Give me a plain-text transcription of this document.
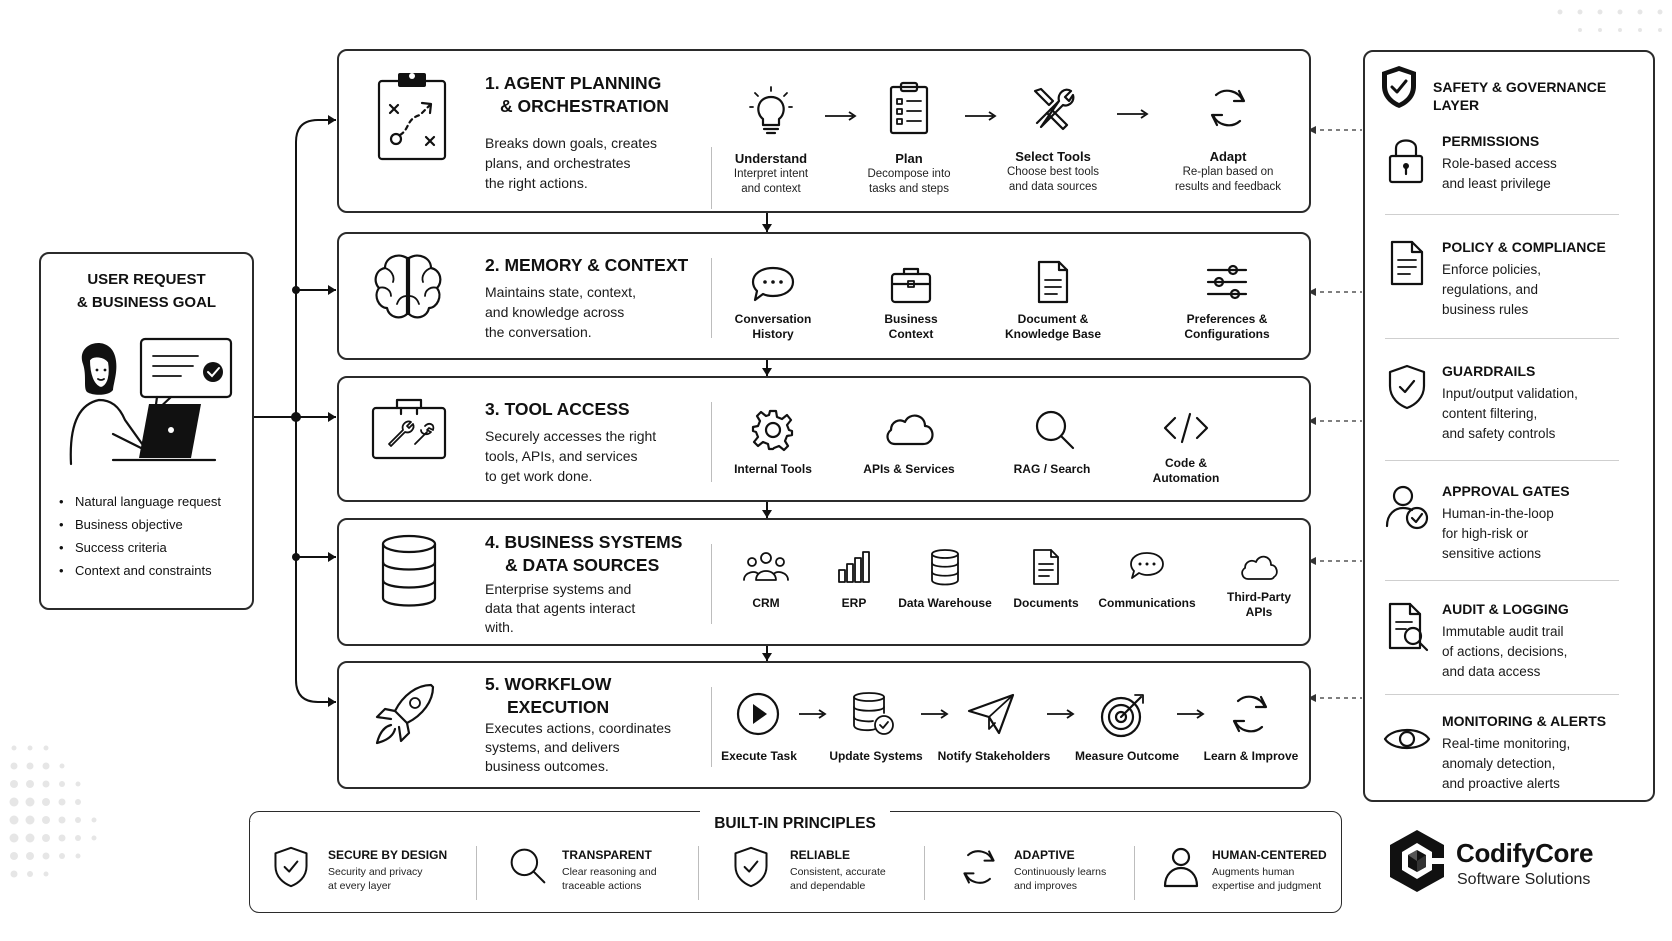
USER REQUEST
& BUSINESS GOAL
• Natural language request
• Business objective
• Success criteria
• Context and constraints
1. AGENT PLANNING
& ORCHESTRATION
Breaks down goals, creates
plans, and orchestrates
the right actions.
Understand
Interpret intent
and context
Plan
Decompose into
tasks and steps
Select Tools
Choose best tools
and data sources
Adapt
Re-plan based on
results and feedback
2. MEMORY & CONTEXT
Maintains state, context,
and knowledge across
the conversation.
Conversation
History
Business
Context
Document &
Knowledge Base
Preferences &
Configurations
3. TOOL ACCESS
Securely accesses the right
tools, APIs, and services
to get work done.	Internal Tools	APIs & Services	RAG / Search	Code &
Automation
4. BUSINESS SYSTEMS
& DATA SOURCES
Enterprise systems and
data that agents interact
with.
CRM	ERP	Data Warehouse	Documents	Communications	Third-Party
APIs
5. WORKFLOW
EXECUTION
Executes actions, coordinates
systems, and delivers
business outcomes.
Execute Task	Update Systems	Notify Stakeholders	Measure Outcome	Learn & Improve
SAFETY & GOVERNANCE LAYER
PERMISSIONS
Role-based access
and least privilege
POLICY & COMPLIANCE
Enforce policies,
regulations, and
business rules
GUARDRAILS
Input/output validation,
content filtering,
and safety controls
APPROVAL GATES
Human-in-the-loop
for high-risk or
sensitive actions
AUDIT & LOGGING
Immutable audit trail
of actions, decisions,
and data access
MONITORING & ALERTS
Real-time monitoring,
anomaly detection,
and proactive alerts
BUILT-IN PRINCIPLES
SECURE BY DESIGN
Security and privacy
at every layer
TRANSPARENT
Clear reasoning and
traceable actions
RELIABLE
Consistent, accurate
and dependable
ADAPTIVE
Continuously learns
and improves
HUMAN-CENTERED
Augments human
expertise and judgment
CodifyCore
Software Solutions
